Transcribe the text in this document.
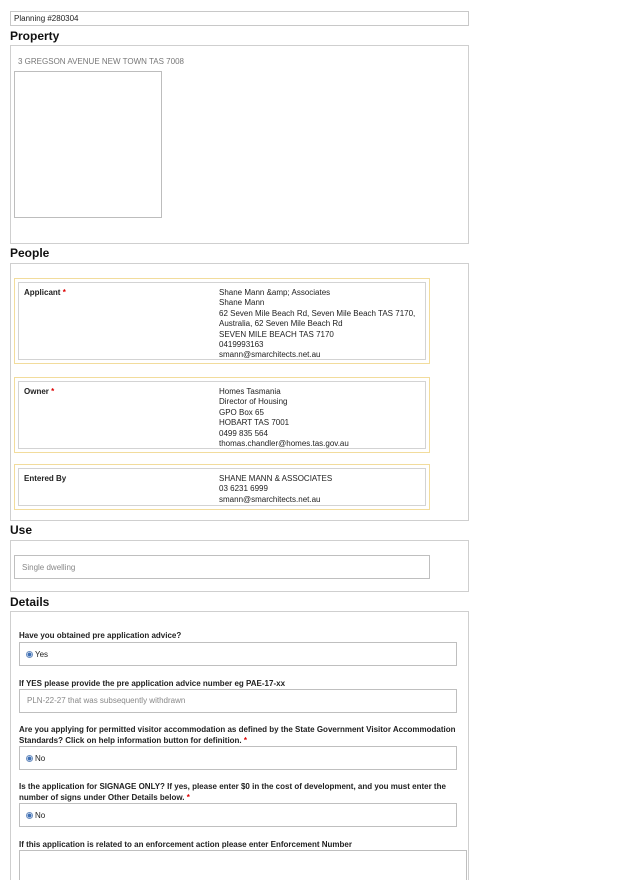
Planning #280304
Property
3 GREGSON AVENUE NEW TOWN TAS 7008
People
Applicant *	Shane Mann &amp; Associates
Shane Mann
62 Seven Mile Beach Rd, Seven Mile Beach TAS 7170,
Australia, 62 Seven Mile Beach Rd
SEVEN MILE BEACH TAS 7170
0419993163
smann@smarchitects.net.au
Owner *	Homes Tasmania
Director of Housing
GPO Box 65
HOBART TAS 7001
0499 835 564
thomas.chandler@homes.tas.gov.au
Entered By	SHANE MANN & ASSOCIATES
03 6231 6999
smann@smarchitects.net.au
Use
Single dwelling
Details
Have you obtained pre application advice?
Yes
If YES please provide the pre application advice number eg PAE-17-xx
PLN-22-27 that was subsequently withdrawn
Are you applying for permitted visitor accommodation as defined by the State Government Visitor Accommodation Standards? Click on help information button for definition. *
No
Is the application for SIGNAGE ONLY? If yes, please enter $0 in the cost of development, and you must enter the number of signs under Other Details below. *
No
If this application is related to an enforcement action please enter Enforcement Number
